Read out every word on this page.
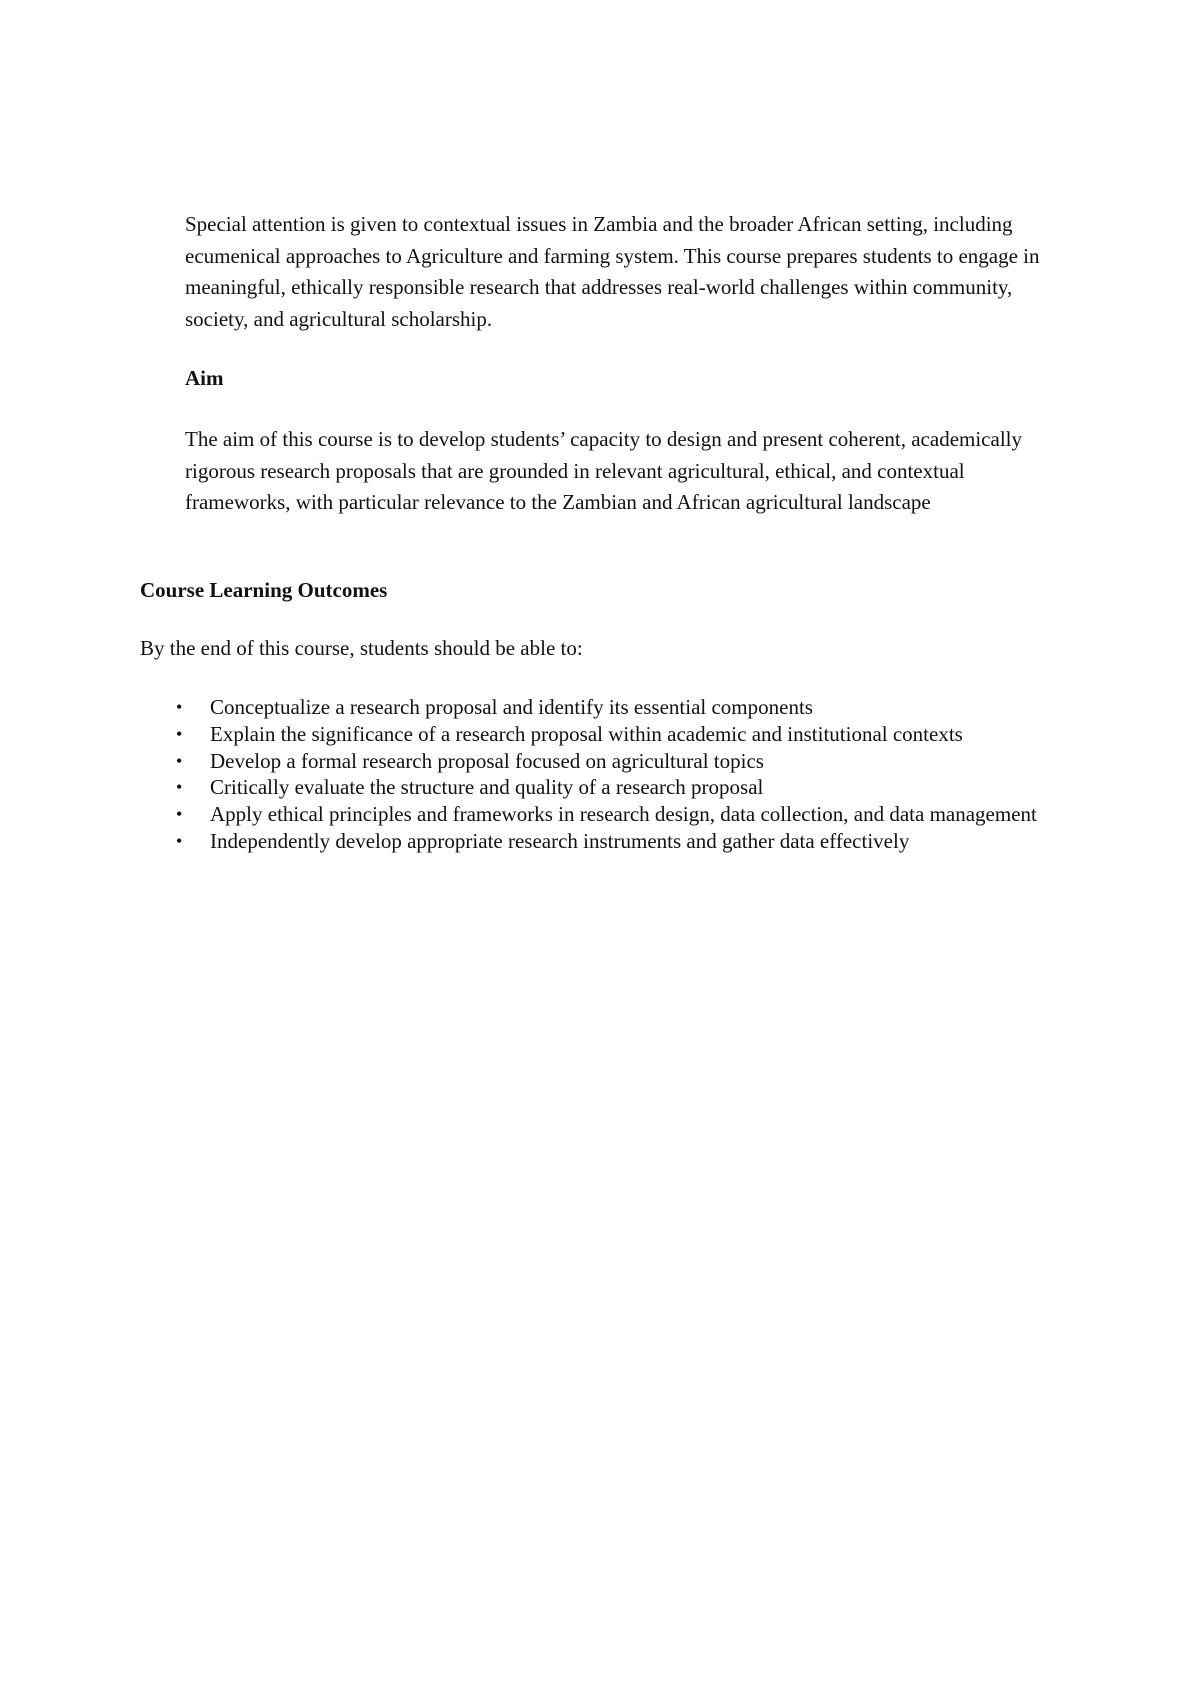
Special attention is given to contextual issues in Zambia and the broader African setting, including ecumenical approaches to Agriculture and farming system. This course prepares students to engage in meaningful, ethically responsible research that addresses real-world challenges within community, society, and agricultural scholarship.

Aim

The aim of this course is to develop students’ capacity to design and present coherent, academically rigorous research proposals that are grounded in relevant agricultural, ethical, and contextual frameworks, with particular relevance to the Zambian and African agricultural landscape

Course Learning Outcomes

By the end of this course, students should be able to:

• Conceptualize a research proposal and identify its essential components
• Explain the significance of a research proposal within academic and institutional contexts
• Develop a formal research proposal focused on agricultural topics
• Critically evaluate the structure and quality of a research proposal
• Apply ethical principles and frameworks in research design, data collection, and data management
• Independently develop appropriate research instruments and gather data effectively
